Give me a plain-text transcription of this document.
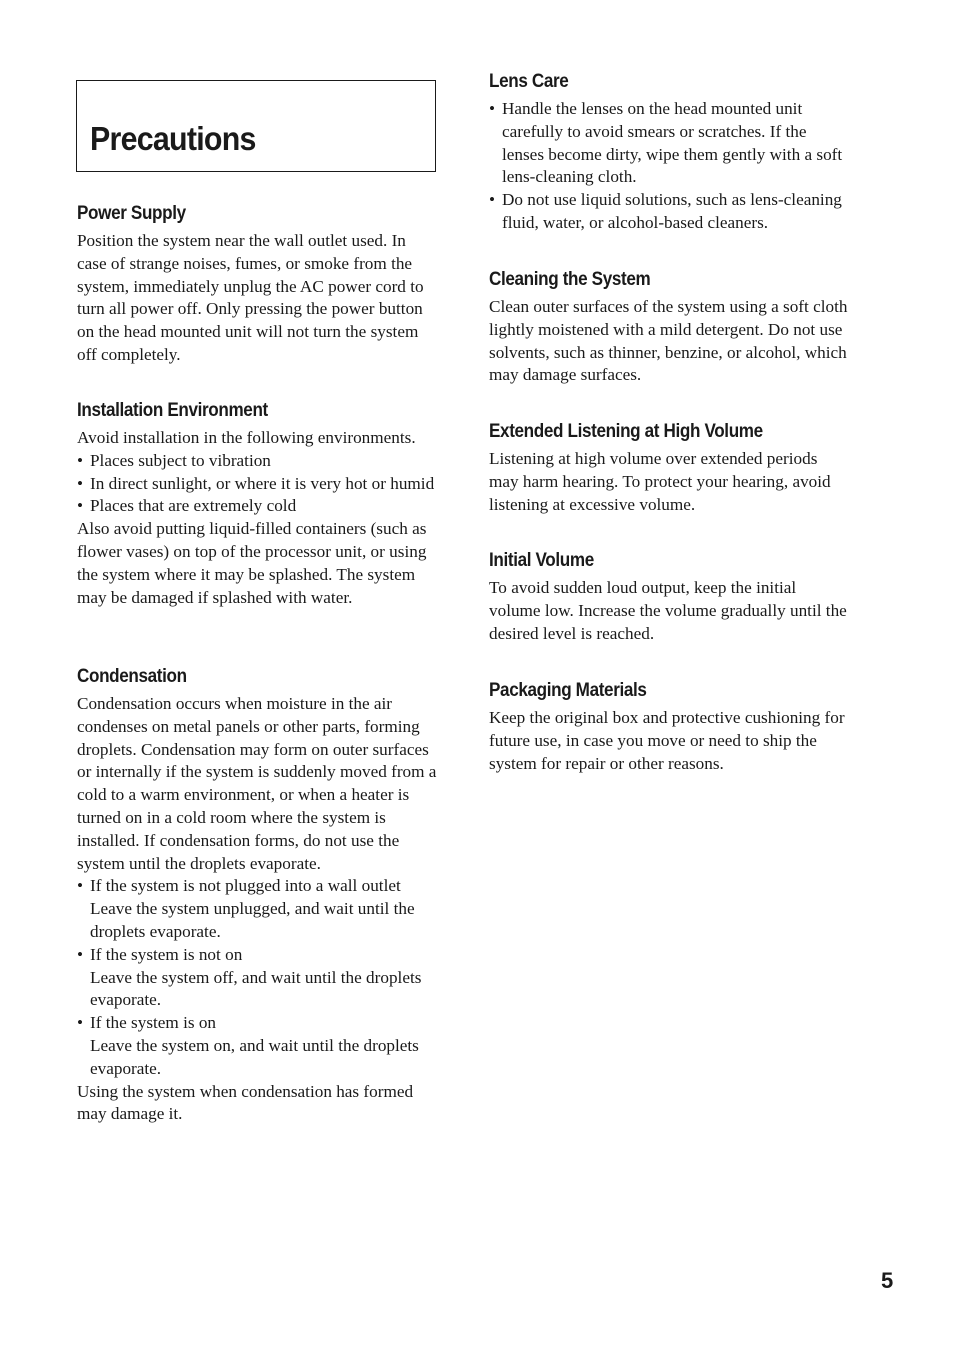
Precautions
Power Supply

Position the system near the wall outlet used. In case of strange noises, fumes, or smoke from the system, immediately unplug the AC power cord to turn all power off. Only pressing the power button on the head mounted unit will not turn the system off completely.

Installation Environment

Avoid installation in the following environments.

• Places subject to vibration
• In direct sunlight, or where it is very hot or humid
• Places that are extremely cold

Also avoid putting liquid-filled containers (such as flower vases) on top of the processor unit, or using the system where it may be splashed. The system may be damaged if splashed with water.

Condensation

Condensation occurs when moisture in the air condenses on metal panels or other parts, forming droplets. Condensation may form on outer surfaces or internally if the system is suddenly moved from a cold to a warm environment, or when a heater is turned on in a cold room where the system is installed. If condensation forms, do not use the system until the droplets evaporate.

• If the system is not plugged into a wall outlet
Leave the system unplugged, and wait until the droplets evaporate.
• If the system is not on
Leave the system off, and wait until the droplets evaporate.
• If the system is on
Leave the system on, and wait until the droplets evaporate.

Using the system when condensation has formed may damage it.

Lens Care
• Handle the lenses on the head mounted unit carefully to avoid smears or scratches. If the lenses become dirty, wipe them gently with a soft lens-cleaning cloth.
• Do not use liquid solutions, such as lens-cleaning fluid, water, or alcohol-based cleaners.
Cleaning the System

Clean outer surfaces of the system using a soft cloth lightly moistened with a mild detergent. Do not use solvents, such as thinner, benzine, or alcohol, which may damage surfaces.

Extended Listening at High Volume

Listening at high volume over extended periods may harm hearing. To protect your hearing, avoid listening at excessive volume.

Initial Volume

To avoid sudden loud output, keep the initial volume low. Increase the volume gradually until the desired level is reached.

Packaging Materials

Keep the original box and protective cushioning for future use, in case you move or need to ship the system for repair or other reasons.

5
